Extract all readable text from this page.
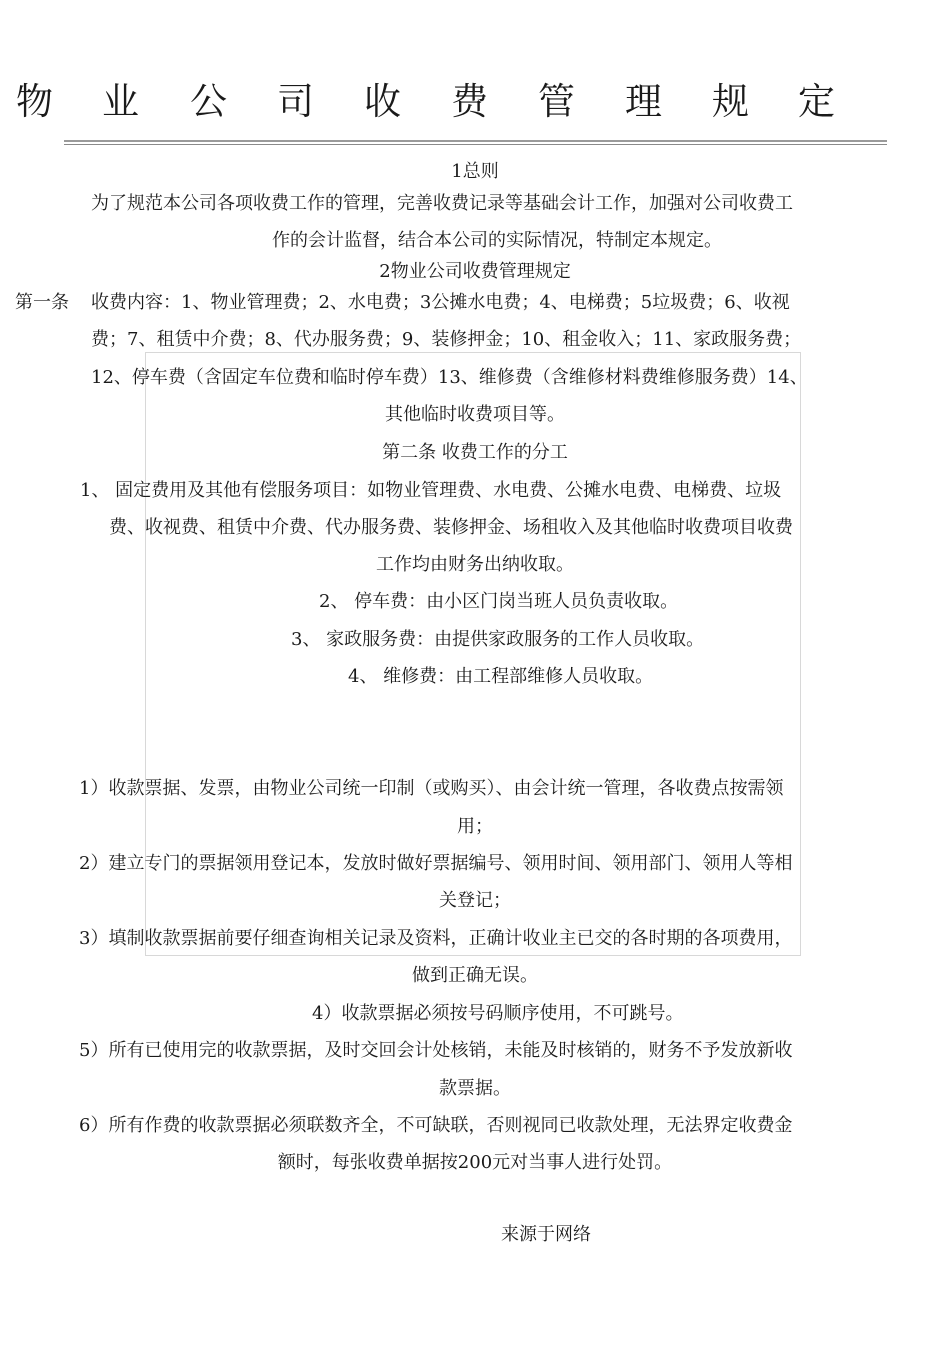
物 业 公 司 收 费 管 理 规 定
1总则
为了规范本公司各项收费工作的管理，完善收费记录等基础会计工作，加强对公司收费工
作的会计监督，结合本公司的实际情况，特制定本规定。
2物业公司收费管理规定
第一条 收费内容：1、物业管理费；2、水电费；3公摊水电费；4、电梯费；5垃圾费；6、收视
费；7、租赁中介费；8、代办服务费；9、装修押金；10、租金收入；11、家政服务费；
12、停车费（含固定车位费和临时停车费）13、维修费（含维修材料费维修服务费）14、
其他临时收费项目等。
第二条 收费工作的分工
1、 固定费用及其他有偿服务项目：如物业管理费、水电费、公摊水电费、电梯费、垃圾
费、收视费、租赁中介费、代办服务费、装修押金、场租收入及其他临时收费项目收费
工作均由财务出纳收取。
2、 停车费：由小区门岗当班人员负责收取。
3、 家政服务费：由提供家政服务的工作人员收取。
4、 维修费：由工程部维修人员收取。
1）收款票据、发票，由物业公司统一印制（或购买）、由会计统一管理，各收费点按需领
用；
2）建立专门的票据领用登记本，发放时做好票据编号、领用时间、领用部门、领用人等相
关登记；
3）填制收款票据前要仔细查询相关记录及资料，正确计收业主已交的各时期的各项费用，
做到正确无误。
4）收款票据必须按号码顺序使用，不可跳号。
5）所有已使用完的收款票据，及时交回会计处核销，未能及时核销的，财务不予发放新收
款票据。
6）所有作费的收款票据必须联数齐全，不可缺联，否则视同已收款处理，无法界定收费金
额时，每张收费单据按200元对当事人进行处罚。
来源于网络
